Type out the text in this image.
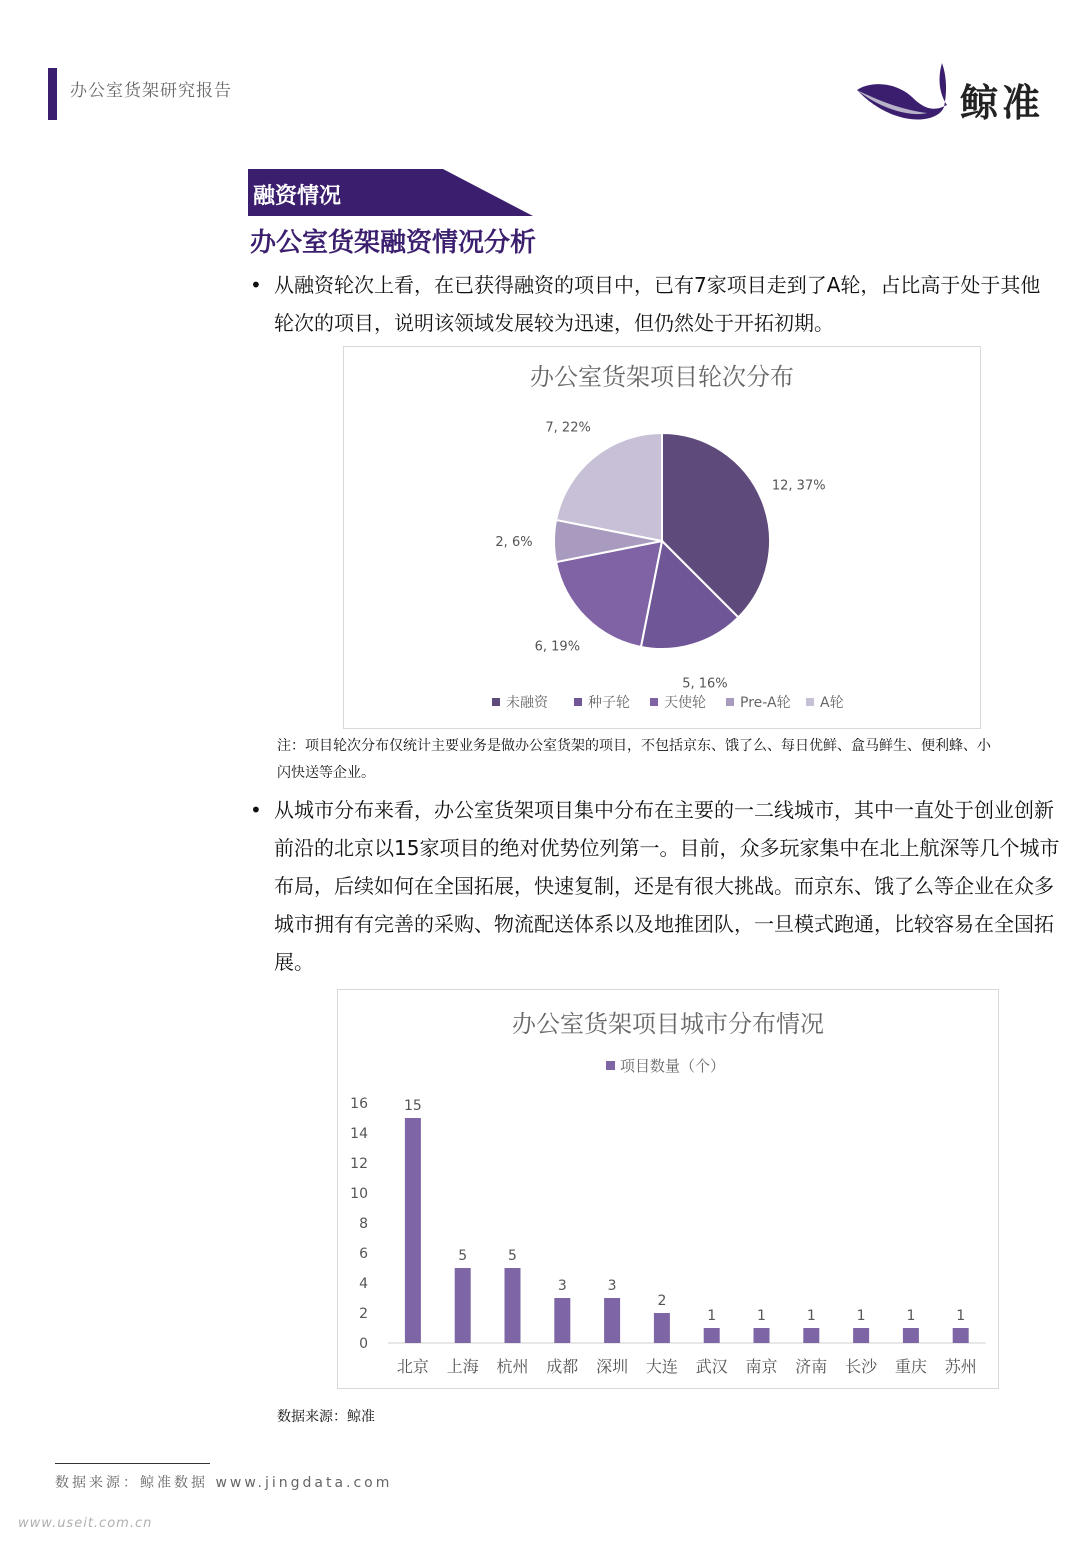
办公室货架研究报告	鲸准
融资情况
办公室货架融资情况分析
• 从融资轮次上看，在已获得融资的项目中，已有7家项目走到了A轮，占比高于处于其他轮次的项目，说明该领域发展较为迅速，但仍然处于开拓初期。
办公室货架项目轮次分布
12, 37%
5, 16%
6, 19%
2, 6%
7, 22%
未融资	种子轮 天使轮 Pre-A轮 A轮
注：项目轮次分布仅统计主要业务是做办公室货架的项目，不包括京东、饿了么、每日优鲜、盒马鲜生、便利蜂、小闪快送等企业。
• 从城市分布来看，办公室货架项目集中分布在主要的一二线城市，其中一直处于创业创新前沿的北京以15家项目的绝对优势位列第一。目前，众多玩家集中在北上航深等几个城市布局，后续如何在全国拓展，快速复制，还是有很大挑战。而京东、饿了么等企业在众多城市拥有有完善的采购、物流配送体系以及地推团队，一旦模式跑通，比较容易在全国拓展。
办公室货架项目城市分布情况
项目数量（个）
0
2
4
6
8
10
12
14
16	15
北京
5
上海
5
杭州
3
成都
3
深圳
2
大连
1
武汉
1
南京
1
济南
1
长沙
1
重庆
1
苏州
数据来源：鲸准
数据来源：鲸准数据 www.jingdata.com
www.useit.com.cn
